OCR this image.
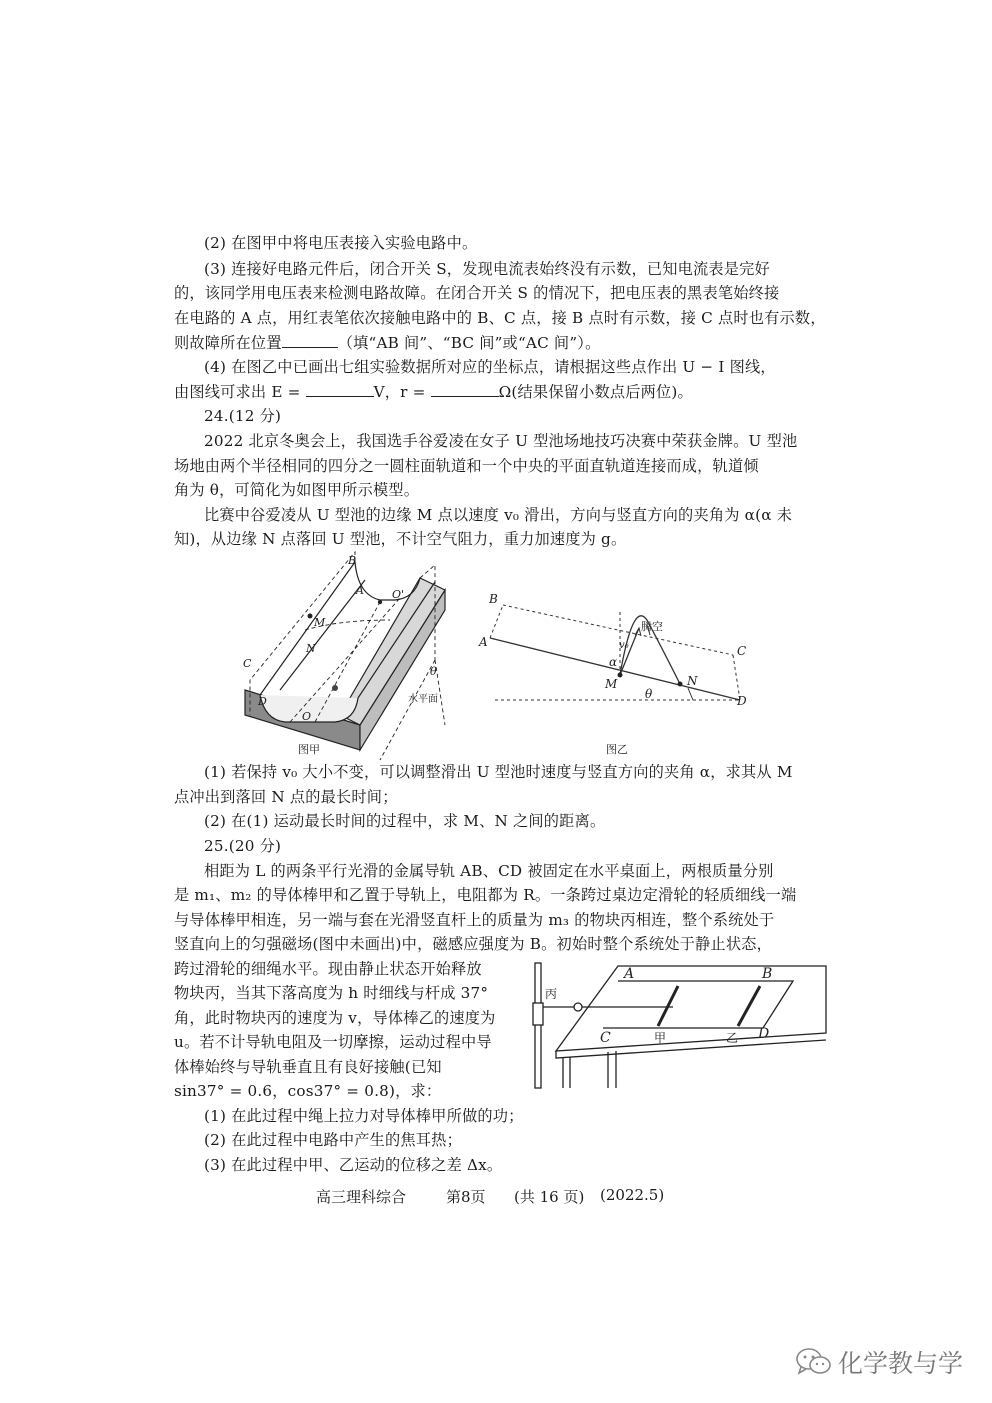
(2) 在图甲中将电压表接入实验电路中。
(3) 连接好电路元件后，闭合开关 S，发现电流表始终没有示数，已知电流表是完好
的，该同学用电压表来检测电路故障。在闭合开关 S 的情况下，把电压表的黑表笔始终接
在电路的 A 点，用红表笔依次接触电路中的 B、C 点，接 B 点时有示数，接 C 点时也有示数，
则故障所在位置	（填“AB 间”、“BC 间”或“AC 间”）。
(4) 在图乙中已画出七组实验数据所对应的坐标点，请根据这些点作出 U − I 图线，
由图线可求出 E =	V，r =	Ω(结果保留小数点后两位)。
24.(12 分)
2022 北京冬奥会上，我国选手谷爱凌在女子 U 型池场地技巧决赛中荣获金牌。U 型池
场地由两个半径相同的四分之一圆柱面轨道和一个中央的平面直轨道连接而成，轨道倾
角为 θ，可简化为如图甲所示模型。
比赛中谷爱凌从 U 型池的边缘 M 点以速度 v₀ 滑出，方向与竖直方向的夹角为 α(α 未
知)，从边缘 N 点落回 U 型池，不计空气阻力，重力加速度为 g。
B
A	O'
M
N
C
D
O
θ
水平面
图甲
B
A
C
D
M	N
v₀
α
θ
腾空
图乙
(1) 若保持 v₀ 大小不变，可以调整滑出 U 型池时速度与竖直方向的夹角 α，求其从 M
点冲出到落回 N 点的最长时间；
(2) 在(1) 运动最长时间的过程中，求 M、N 之间的距离。
25.(20 分)
相距为 L 的两条平行光滑的金属导轨 AB、CD 被固定在水平桌面上，两根质量分别
是 m₁、m₂ 的导体棒甲和乙置于导轨上，电阻都为 R。一条跨过桌边定滑轮的轻质细线一端
与导体棒甲相连，另一端与套在光滑竖直杆上的质量为 m₃ 的物块丙相连，整个系统处于
竖直向上的匀强磁场(图中未画出)中，磁感应强度为 B。初始时整个系统处于静止状态，
跨过滑轮的细绳水平。现由静止状态开始释放
物块丙，当其下落高度为 h 时细线与杆成 37°
角，此时物块丙的速度为 v，导体棒乙的速度为
u。若不计导轨电阻及一切摩擦，运动过程中导
体棒始终与导轨垂直且有良好接触(已知
sin37° = 0.6，cos37° = 0.8)，求：
(1) 在此过程中绳上拉力对导体棒甲所做的功；
(2) 在此过程中电路中产生的焦耳热；
(3) 在此过程中甲、乙运动的位移之差 Δx。
A	B
C	D
丙
甲	乙
高三理科综合	第8页 (共 16 页) (2022.5)
化学教与学
